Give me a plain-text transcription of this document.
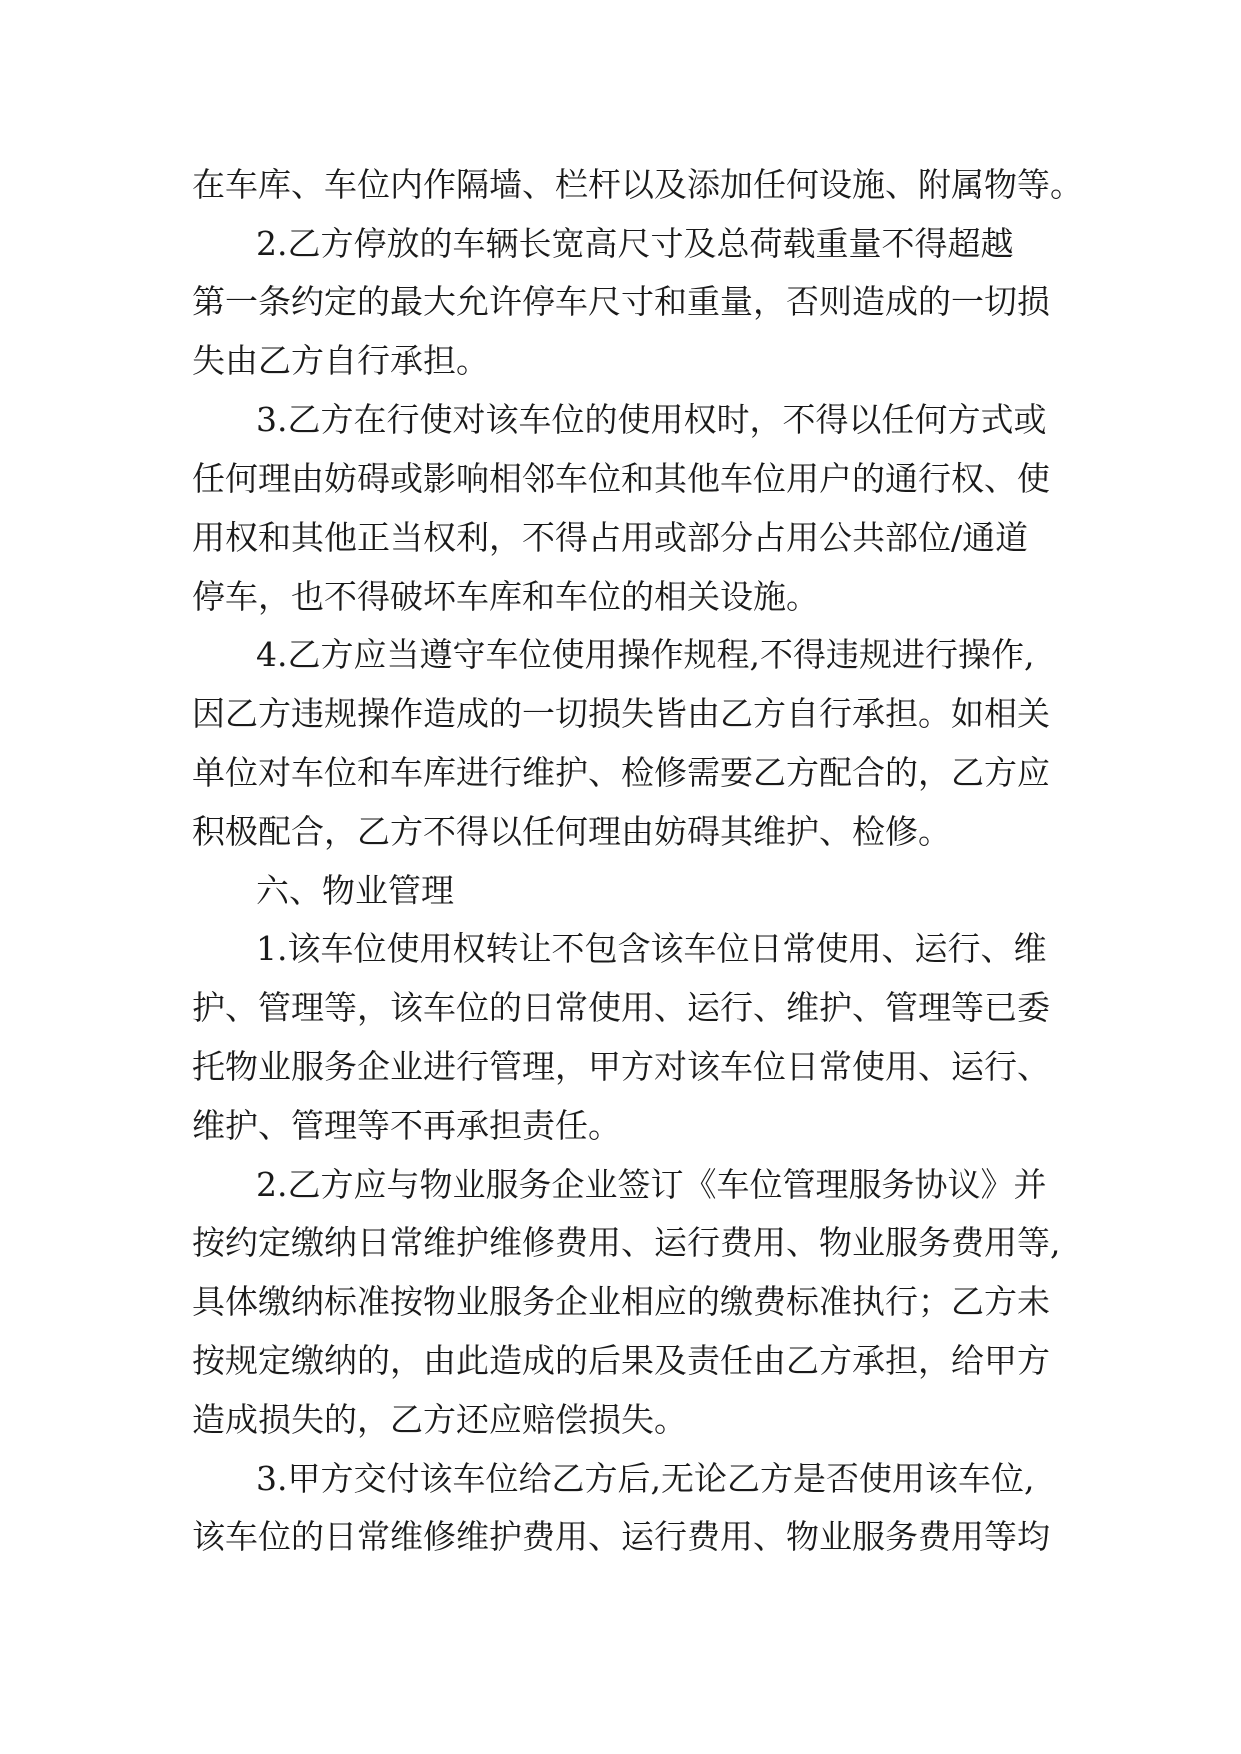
在车库、车位内作隔墙、栏杆以及添加任何设施、附属物等。
2.乙方停放的车辆长宽高尺寸及总荷载重量不得超越
第一条约定的最大允许停车尺寸和重量，否则造成的一切损
失由乙方自行承担。
3.乙方在行使对该车位的使用权时，不得以任何方式或
任何理由妨碍或影响相邻车位和其他车位用户的通行权、使
用权和其他正当权利，不得占用或部分占用公共部位/通道
停车，也不得破坏车库和车位的相关设施。
4.乙方应当遵守车位使用操作规程,不得违规进行操作,
因乙方违规操作造成的一切损失皆由乙方自行承担。如相关
单位对车位和车库进行维护、检修需要乙方配合的，乙方应
积极配合，乙方不得以任何理由妨碍其维护、检修。
六、物业管理
1.该车位使用权转让不包含该车位日常使用、运行、维
护、管理等，该车位的日常使用、运行、维护、管理等已委
托物业服务企业进行管理，甲方对该车位日常使用、运行、
维护、管理等不再承担责任。
2.乙方应与物业服务企业签订《车位管理服务协议》并
按约定缴纳日常维护维修费用、运行费用、物业服务费用等,
具体缴纳标准按物业服务企业相应的缴费标准执行；乙方未
按规定缴纳的，由此造成的后果及责任由乙方承担，给甲方
造成损失的，乙方还应赔偿损失。
3.甲方交付该车位给乙方后,无论乙方是否使用该车位,
该车位的日常维修维护费用、运行费用、物业服务费用等均
